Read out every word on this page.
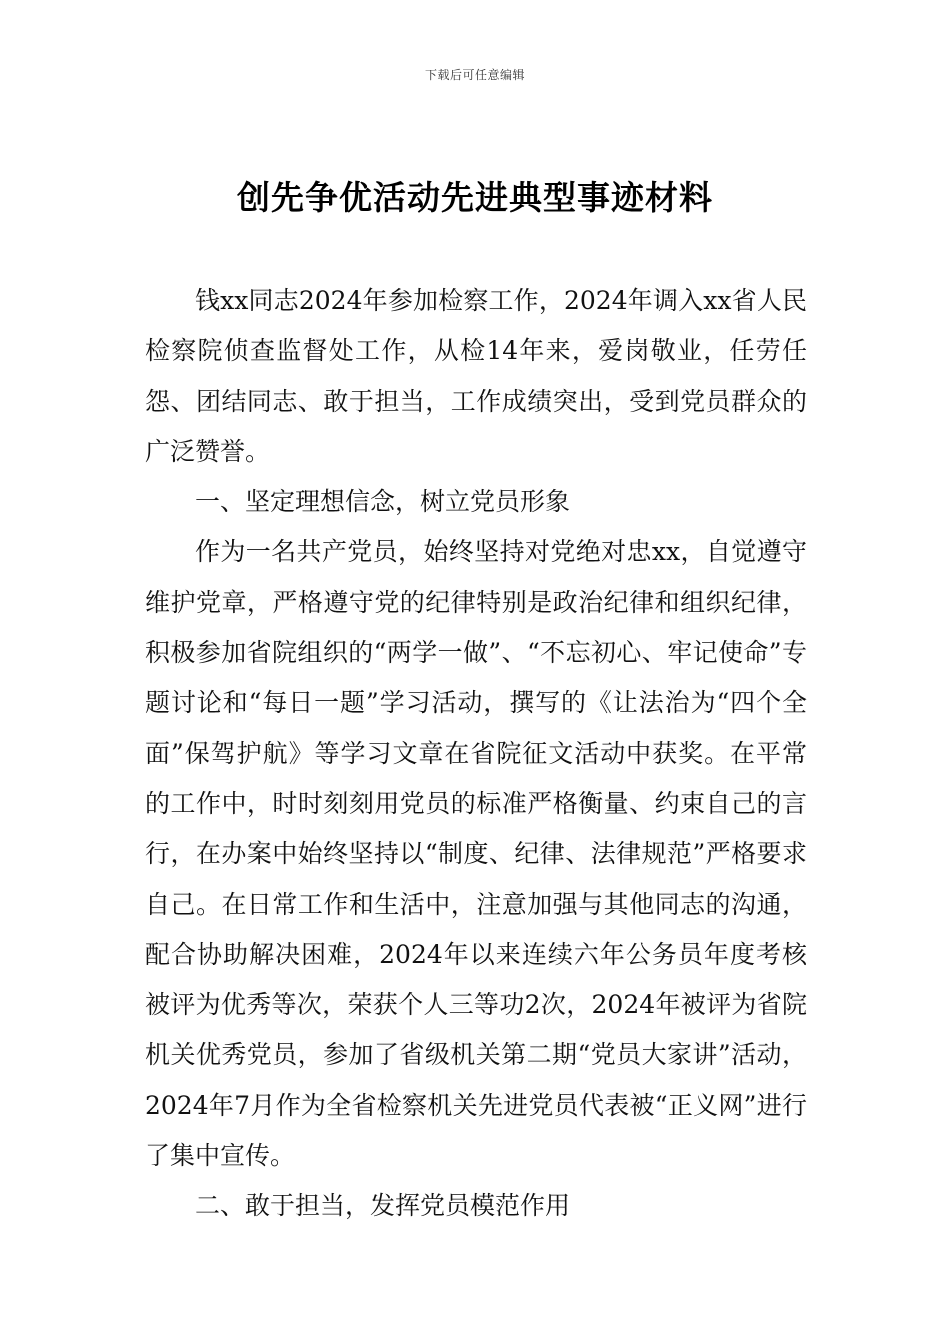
下载后可任意编辑
创先争优活动先进典型事迹材料

钱xx同志2024年参加检察工作，2024年调入xx省人民检察院侦查监督处工作，从检14年来，爱岗敬业，任劳任怨、团结同志、敢于担当，工作成绩突出，受到党员群众的广泛赞誉。

一、坚定理想信念，树立党员形象

作为一名共产党员，始终坚持对党绝对忠xx，自觉遵守维护党章，严格遵守党的纪律特别是政治纪律和组织纪律，积极参加省院组织的“两学一做”、“不忘初心、牢记使命”专题讨论和“每日一题”学习活动，撰写的《让法治为“四个全面”保驾护航》等学习文章在省院征文活动中获奖。在平常的工作中，时时刻刻用党员的标准严格衡量、约束自己的言行，在办案中始终坚持以“制度、纪律、法律规范”严格要求自己。在日常工作和生活中，注意加强与其他同志的沟通，配合协助解决困难，2024年以来连续六年公务员年度考核被评为优秀等次，荣获个人三等功2次，2024年被评为省院机关优秀党员，参加了省级机关第二期“党员大家讲”活动，2024年7月作为全省检察机关先进党员代表被“正义网”进行了集中宣传。

二、敢于担当，发挥党员模范作用
